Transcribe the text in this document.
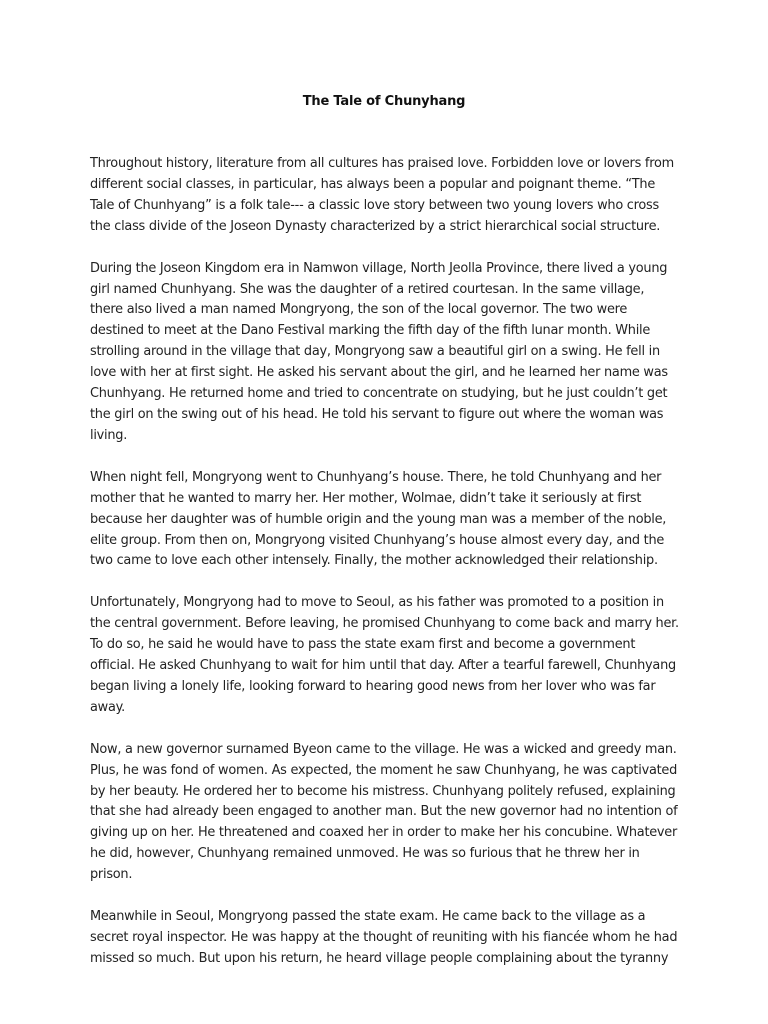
The Tale of Chunyhang

Throughout history, literature from all cultures has praised love. Forbidden love or lovers from different social classes, in particular, has always been a popular and poignant theme. “The Tale of Chunhyang” is a folk tale--- a classic love story between two young lovers who cross the class divide of the Joseon Dynasty characterized by a strict hierarchical social structure.

During the Joseon Kingdom era in Namwon village, North Jeolla Province, there lived a young girl named Chunhyang. She was the daughter of a retired courtesan. In the same village, there also lived a man named Mongryong, the son of the local governor. The two were destined to meet at the Dano Festival marking the fifth day of the fifth lunar month. While strolling around in the village that day, Mongryong saw a beautiful girl on a swing. He fell in love with her at first sight. He asked his servant about the girl, and he learned her name was Chunhyang. He returned home and tried to concentrate on studying, but he just couldn’t get the girl on the swing out of his head. He told his servant to figure out where the woman was living.

When night fell, Mongryong went to Chunhyang’s house. There, he told Chunhyang and her mother that he wanted to marry her. Her mother, Wolmae, didn’t take it seriously at first because her daughter was of humble origin and the young man was a member of the noble, elite group. From then on, Mongryong visited Chunhyang’s house almost every day, and the two came to love each other intensely. Finally, the mother acknowledged their relationship.

Unfortunately, Mongryong had to move to Seoul, as his father was promoted to a position in the central government. Before leaving, he promised Chunhyang to come back and marry her. To do so, he said he would have to pass the state exam first and become a government official. He asked Chunhyang to wait for him until that day. After a tearful farewell, Chunhyang began living a lonely life, looking forward to hearing good news from her lover who was far away.

Now, a new governor surnamed Byeon came to the village. He was a wicked and greedy man. Plus, he was fond of women. As expected, the moment he saw Chunhyang, he was captivated by her beauty. He ordered her to become his mistress. Chunhyang politely refused, explaining that she had already been engaged to another man. But the new governor had no intention of giving up on her. He threatened and coaxed her in order to make her his concubine. Whatever he did, however, Chunhyang remained unmoved. He was so furious that he threw her in prison.

Meanwhile in Seoul, Mongryong passed the state exam. He came back to the village as a secret royal inspector. He was happy at the thought of reuniting with his fiancée whom he had missed so much. But upon his return, he heard village people complaining about the tyranny
